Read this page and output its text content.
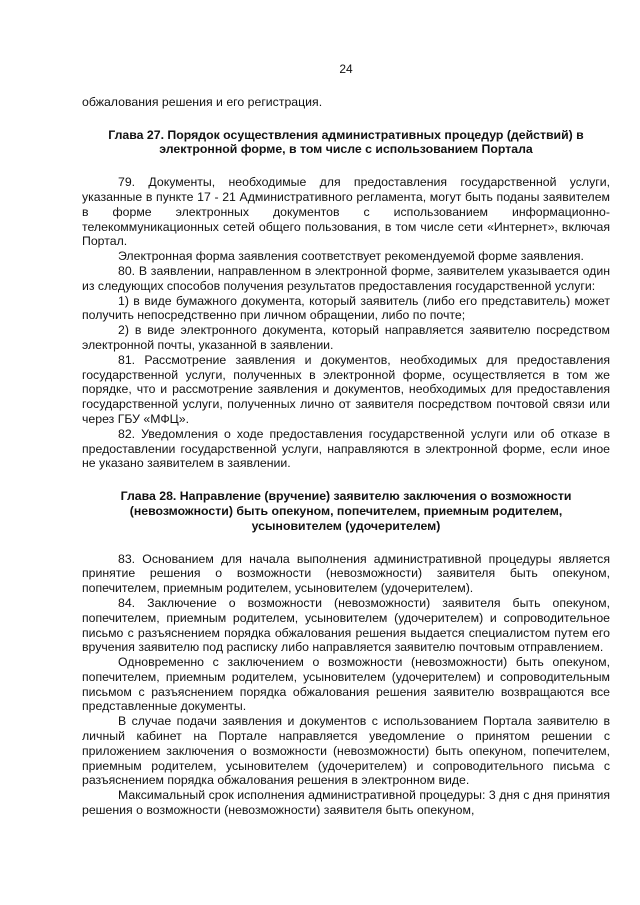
24

обжалования решения и его регистрация.

Глава 27. Порядок осуществления административных процедур (действий) в электронной форме, в том числе с использованием Портала

79. Документы, необходимые для предоставления государственной услуги, указанные в пункте 17 - 21 Административного регламента, могут быть поданы заявителем в форме электронных документов с использованием информационно-телекоммуникационных сетей общего пользования, в том числе сети «Интернет», включая Портал.

Электронная форма заявления соответствует рекомендуемой форме заявления.

80. В заявлении, направленном в электронной форме, заявителем указывается один из следующих способов получения результатов предоставления государственной услуги:

1) в виде бумажного документа, который заявитель (либо его представитель) может получить непосредственно при личном обращении, либо по почте;

2) в виде электронного документа, который направляется заявителю посредством электронной почты, указанной в заявлении.

81. Рассмотрение заявления и документов, необходимых для предоставления государственной услуги, полученных в электронной форме, осуществляется в том же порядке, что и рассмотрение заявления и документов, необходимых для предоставления государственной услуги, полученных лично от заявителя посредством почтовой связи или через ГБУ «МФЦ».

82. Уведомления о ходе предоставления государственной услуги или об отказе в предоставлении государственной услуги, направляются в электронной форме, если иное не указано заявителем в заявлении.

Глава 28. Направление (вручение) заявителю заключения о возможности (невозможности) быть опекуном, попечителем, приемным родителем, усыновителем (удочерителем)

83. Основанием для начала выполнения административной процедуры является принятие решения о возможности (невозможности) заявителя быть опекуном, попечителем, приемным родителем, усыновителем (удочерителем).

84. Заключение о возможности (невозможности) заявителя быть опекуном, попечителем, приемным родителем, усыновителем (удочерителем) и сопроводительное письмо с разъяснением порядка обжалования решения выдается специалистом путем его вручения заявителю под расписку либо направляется заявителю почтовым отправлением.

Одновременно с заключением о возможности (невозможности) быть опекуном, попечителем, приемным родителем, усыновителем (удочерителем) и сопроводительным письмом с разъяснением порядка обжалования решения заявителю возвращаются все представленные документы.

В случае подачи заявления и документов с использованием Портала заявителю в личный кабинет на Портале направляется уведомление о принятом решении с приложением заключения о возможности (невозможности) быть опекуном, попечителем, приемным родителем, усыновителем (удочерителем) и сопроводительного письма с разъяснением порядка обжалования решения в электронном виде.

Максимальный срок исполнения административной процедуры: 3 дня с дня принятия решения о возможности (невозможности) заявителя быть опекуном,
